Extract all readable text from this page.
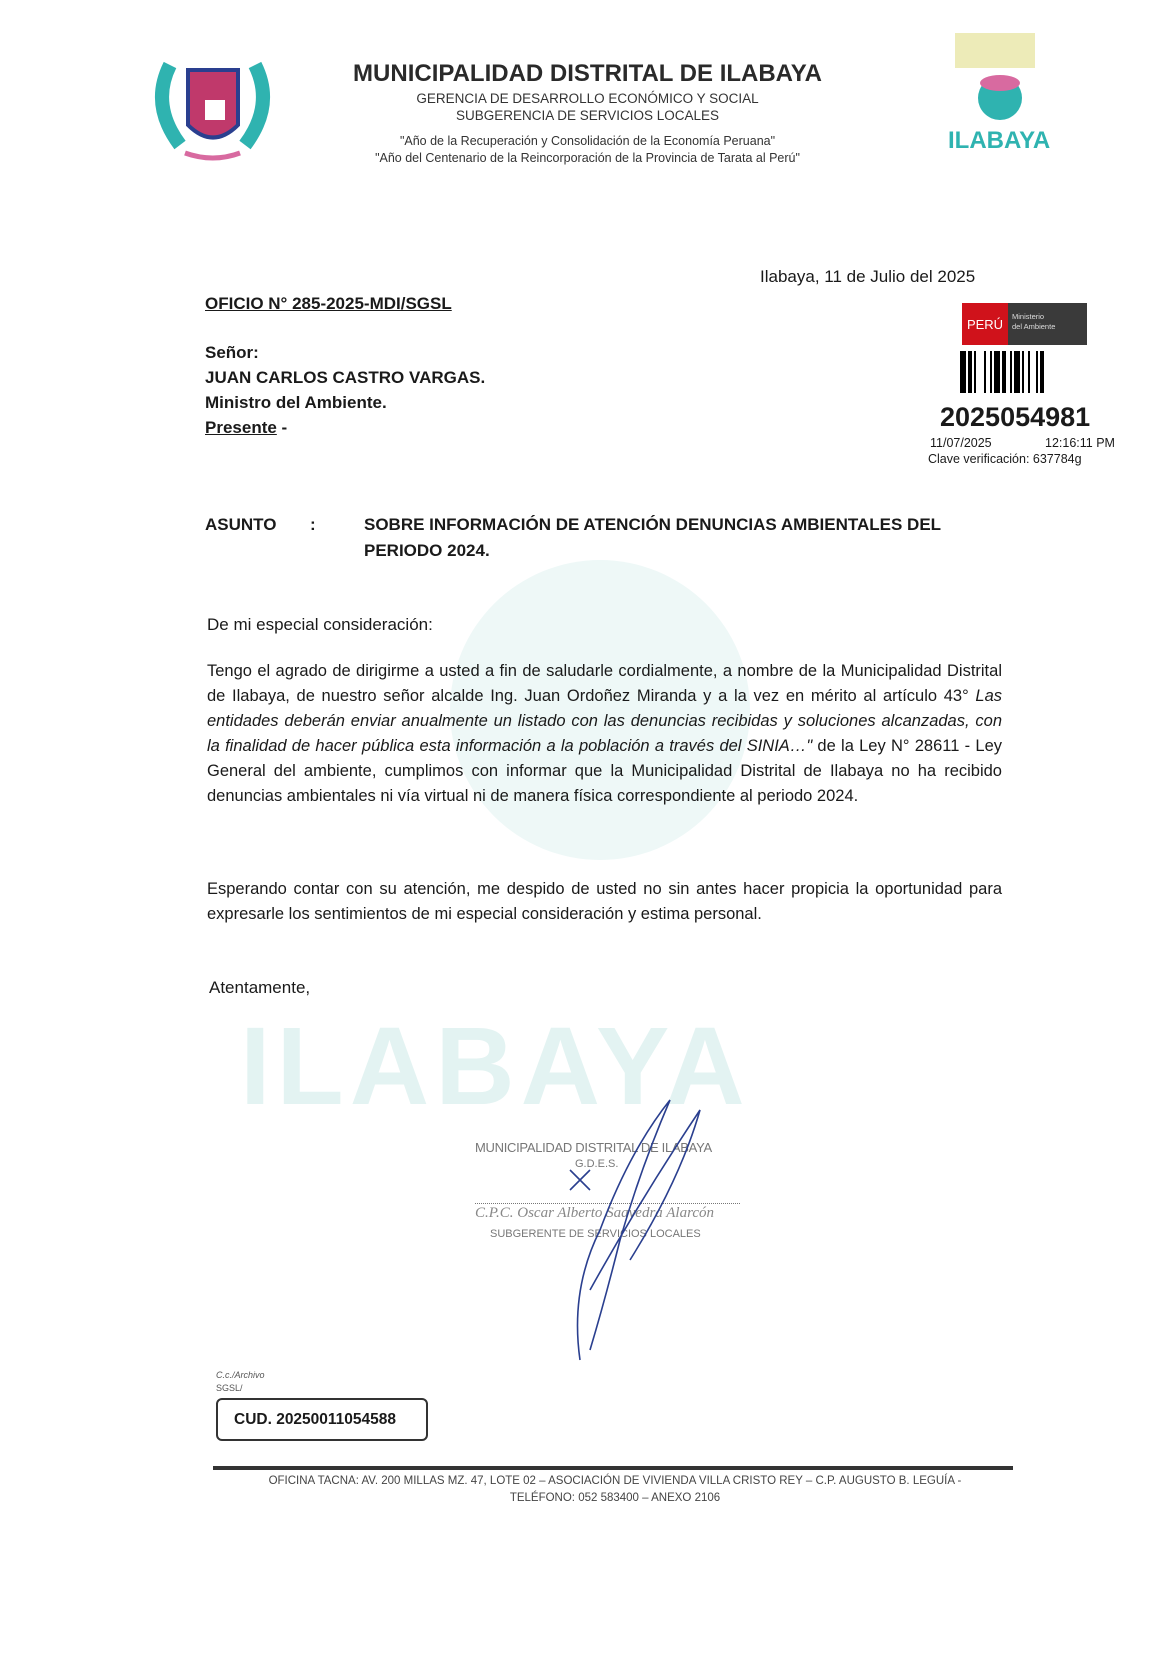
ILABAYA
ILABAYA
MUNICIPALIDAD DISTRITAL DE ILABAYA
GERENCIA DE DESARROLLO ECONÓMICO Y SOCIAL
SUBGERENCIA DE SERVICIOS LOCALES
"Año de la Recuperación y Consolidación de la Economía Peruana"
"Año del Centenario de la Reincorporación de la Provincia de Tarata al Perú"
Ilabaya, 11 de Julio del 2025
OFICIO N° 285-2025-MDI/SGSL
Señor:
JUAN CARLOS CASTRO VARGAS.
Ministro del Ambiente.
Presente -
PERÚ	Ministerio
del Ambiente
2025054981
11/07/2025	12:16:11 PM
Clave verificación: 637784g
ASUNTO :	SOBRE INFORMACIÓN DE ATENCIÓN DENUNCIAS AMBIENTALES DEL
PERIODO 2024.
De mi especial consideración:
Tengo el agrado de dirigirme a usted a fin de saludarle cordialmente, a nombre de la Municipalidad Distrital de Ilabaya, de nuestro señor alcalde Ing. Juan Ordoñez Miranda y a la vez en mérito al artículo 43° Las entidades deberán enviar anualmente un listado con las denuncias recibidas y soluciones alcanzadas, con la finalidad de hacer pública esta información a la población a través del SINIA…" de la Ley N° 28611 - Ley General del ambiente, cumplimos con informar que la Municipalidad Distrital de Ilabaya no ha recibido denuncias ambientales ni vía virtual ni de manera física correspondiente al periodo 2024.
Esperando contar con su atención, me despido de usted no sin antes hacer propicia la oportunidad para expresarle los sentimientos de mi especial consideración y estima personal.
Atentamente,
MUNICIPALIDAD DISTRITAL DE ILABAYA
G.D.E.S.
C.P.C. Oscar Alberto Saavedra Alarcón
SUBGERENTE DE SERVICIOS LOCALES
C.c./Archivo
SGSL/
CUD. 20250011054588
OFICINA TACNA: AV. 200 MILLAS MZ. 47, LOTE 02 – ASOCIACIÓN DE VIVIENDA VILLA CRISTO REY – C.P. AUGUSTO B. LEGUÍA -
TELÉFONO: 052 583400 – ANEXO 2106
